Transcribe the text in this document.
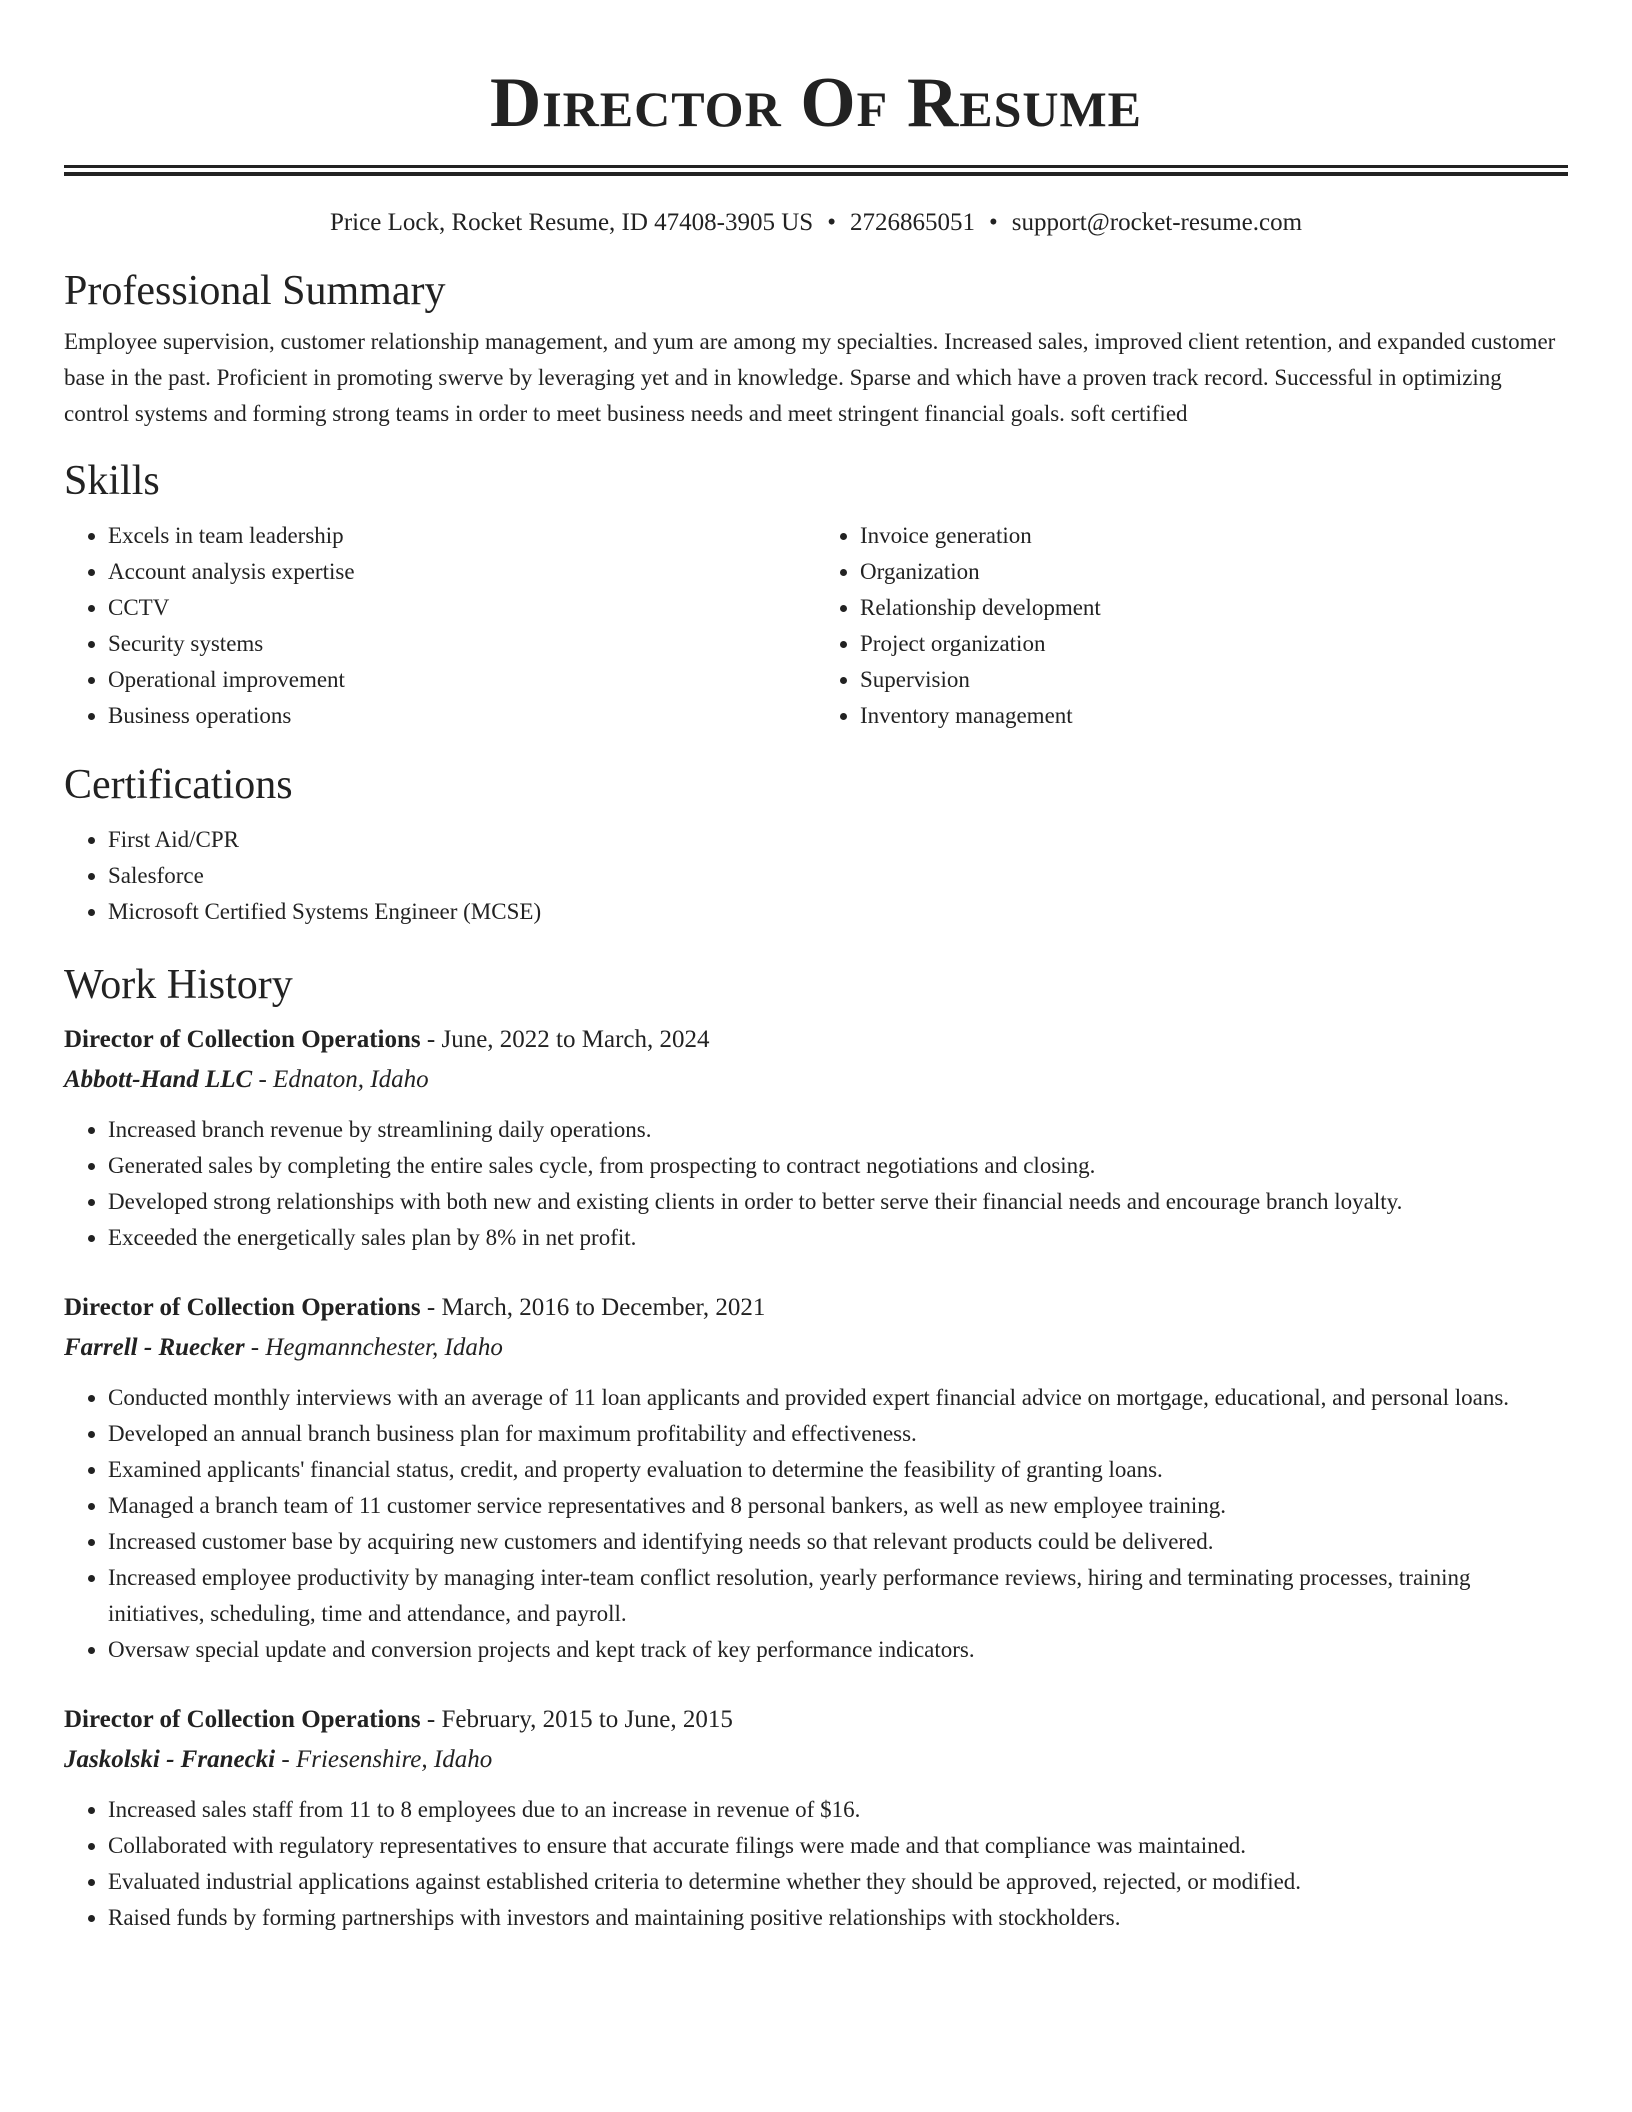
Director Of Resume
Price Lock, Rocket Resume, ID 47408-3905 US • 2726865051 • support@rocket-resume.com
Professional Summary

Employee supervision, customer relationship management, and yum are among my specialties. Increased sales, improved client retention, and expanded customer base in the past. Proficient in promoting swerve by leveraging yet and in knowledge. Sparse and which have a proven track record. Successful in optimizing control systems and forming strong teams in order to meet business needs and meet stringent financial goals. soft certified

Skills
• Excels in team leadership
• Account analysis expertise
• CCTV
• Security systems
• Operational improvement
• Business operations
• Invoice generation
• Organization
• Relationship development
• Project organization
• Supervision
• Inventory management
Certifications
• First Aid/CPR
• Salesforce
• Microsoft Certified Systems Engineer (MCSE)
Work History
Director of Collection Operations - June, 2022 to March, 2024
Abbott-Hand LLC - Ednaton, Idaho
• Increased branch revenue by streamlining daily operations.
• Generated sales by completing the entire sales cycle, from prospecting to contract negotiations and closing.
• Developed strong relationships with both new and existing clients in order to better serve their financial needs and encourage branch loyalty.
• Exceeded the energetically sales plan by 8% in net profit.
Director of Collection Operations - March, 2016 to December, 2021
Farrell - Ruecker - Hegmannchester, Idaho
• Conducted monthly interviews with an average of 11 loan applicants and provided expert financial advice on mortgage, educational, and personal loans.
• Developed an annual branch business plan for maximum profitability and effectiveness.
• Examined applicants' financial status, credit, and property evaluation to determine the feasibility of granting loans.
• Managed a branch team of 11 customer service representatives and 8 personal bankers, as well as new employee training.
• Increased customer base by acquiring new customers and identifying needs so that relevant products could be delivered.
• Increased employee productivity by managing inter-team conflict resolution, yearly performance reviews, hiring and terminating processes, training initiatives, scheduling, time and attendance, and payroll.
• Oversaw special update and conversion projects and kept track of key performance indicators.
Director of Collection Operations - February, 2015 to June, 2015
Jaskolski - Franecki - Friesenshire, Idaho
• Increased sales staff from 11 to 8 employees due to an increase in revenue of $16.
• Collaborated with regulatory representatives to ensure that accurate filings were made and that compliance was maintained.
• Evaluated industrial applications against established criteria to determine whether they should be approved, rejected, or modified.
• Raised funds by forming partnerships with investors and maintaining positive relationships with stockholders.
